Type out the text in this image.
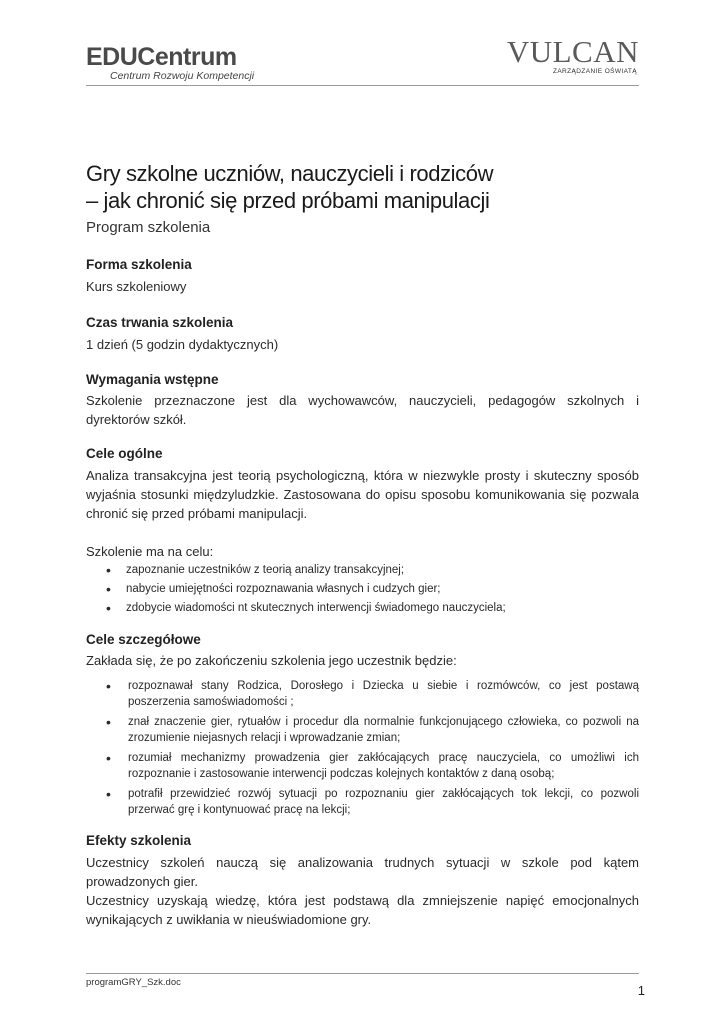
EDUCentrum
Centrum Rozwoju Kompetencji
VULCAN
ZARZĄDZANIE OŚWIATĄ
Gry szkolne uczniów, nauczycieli i rodziców
– jak chronić się przed próbami manipulacji
Program szkolenia
Forma szkolenia

Kurs szkoleniowy

Czas trwania szkolenia

1 dzień (5 godzin dydaktycznych)

Wymagania wstępne

Szkolenie przeznaczone jest dla wychowawców, nauczycieli, pedagogów szkolnych i dyrektorów szkół.

Cele ogólne

Analiza transakcyjna jest teorią psychologiczną, która w niezwykle prosty i skuteczny sposób wyjaśnia stosunki międzyludzkie. Zastosowana do opisu sposobu komunikowania się pozwala chronić się przed próbami manipulacji.

Szkolenie ma na celu:

• zapoznanie uczestników z teorią analizy transakcyjnej;
• nabycie umiejętności rozpoznawania własnych i cudzych gier;
• zdobycie wiadomości nt skutecznych interwencji świadomego nauczyciela;
Cele szczegółowe

Zakłada się, że po zakończeniu szkolenia jego uczestnik będzie:

• rozpoznawał stany Rodzica, Dorosłego i Dziecka u siebie i rozmówców, co jest postawą poszerzenia samoświadomości ;
• znał znaczenie gier, rytuałów i procedur dla normalnie funkcjonującego człowieka, co pozwoli na zrozumienie niejasnych relacji i wprowadzanie zmian;
• rozumiał mechanizmy prowadzenia gier zakłócających pracę nauczyciela, co umożliwi ich rozpoznanie i zastosowanie interwencji podczas kolejnych kontaktów z daną osobą;
• potrafił przewidzieć rozwój sytuacji po rozpoznaniu gier zakłócających tok lekcji, co pozwoli przerwać grę i kontynuować pracę na lekcji;
Efekty szkolenia

Uczestnicy szkoleń nauczą się analizowania trudnych sytuacji w szkole pod kątem prowadzonych gier.

Uczestnicy uzyskają wiedzę, która jest podstawą dla zmniejszenie napięć emocjonalnych wynikających z uwikłania w nieuświadomione gry.

programGRY_Szk.doc
1
